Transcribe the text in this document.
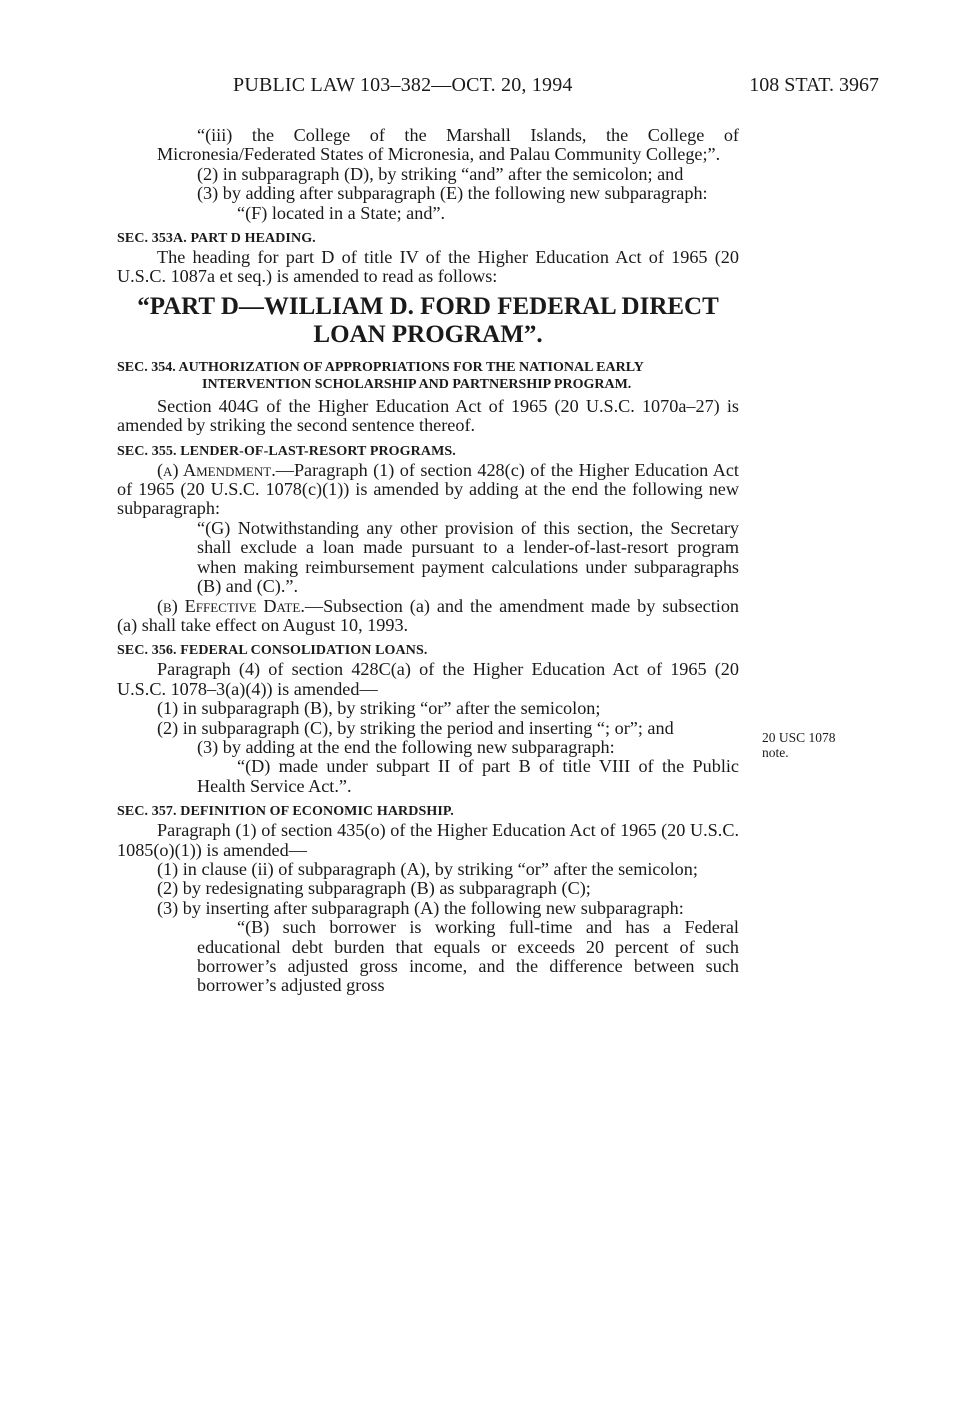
PUBLIC LAW 103–382—OCT. 20, 1994	108 STAT. 3967

“(iii) the College of the Marshall Islands, the College of Micronesia/Federated States of Micronesia, and Palau Community College;”.

(2) in subparagraph (D), by striking “and” after the semicolon; and

(3) by adding after subparagraph (E) the following new subparagraph:

“(F) located in a State; and”.

SEC. 353A. PART D HEADING.

The heading for part D of title IV of the Higher Education Act of 1965 (20 U.S.C. 1087a et seq.) is amended to read as follows:

“PART D—WILLIAM D. FORD FEDERAL DIRECT LOAN PROGRAM”.

SEC. 354. AUTHORIZATION OF APPROPRIATIONS FOR THE NATIONAL EARLY INTERVENTION SCHOLARSHIP AND PARTNERSHIP PROGRAM.

Section 404G of the Higher Education Act of 1965 (20 U.S.C. 1070a–27) is amended by striking the second sentence thereof.

SEC. 355. LENDER-OF-LAST-RESORT PROGRAMS.

(a) Amendment.—Paragraph (1) of section 428(c) of the Higher Education Act of 1965 (20 U.S.C. 1078(c)(1)) is amended by adding at the end the following new subparagraph:

“(G) Notwithstanding any other provision of this section, the Secretary shall exclude a loan made pursuant to a lender-of-last-resort program when making reimbursement payment calculations under subparagraphs (B) and (C).”.

(b) Effective Date.—Subsection (a) and the amendment made by subsection (a) shall take effect on August 10, 1993.

SEC. 356. FEDERAL CONSOLIDATION LOANS.

Paragraph (4) of section 428C(a) of the Higher Education Act of 1965 (20 U.S.C. 1078–3(a)(4)) is amended—

(1) in subparagraph (B), by striking “or” after the semicolon;

(2) in subparagraph (C), by striking the period and inserting “; or”; and

(3) by adding at the end the following new subparagraph:

“(D) made under subpart II of part B of title VIII of the Public Health Service Act.”.

SEC. 357. DEFINITION OF ECONOMIC HARDSHIP.

Paragraph (1) of section 435(o) of the Higher Education Act of 1965 (20 U.S.C. 1085(o)(1)) is amended—

(1) in clause (ii) of subparagraph (A), by striking “or” after the semicolon;

(2) by redesignating subparagraph (B) as subparagraph (C);

(3) by inserting after subparagraph (A) the following new subparagraph:

“(B) such borrower is working full-time and has a Federal educational debt burden that equals or exceeds 20 percent of such borrower’s adjusted gross income, and the difference between such borrower’s adjusted gross

20 USC 1078
note.
